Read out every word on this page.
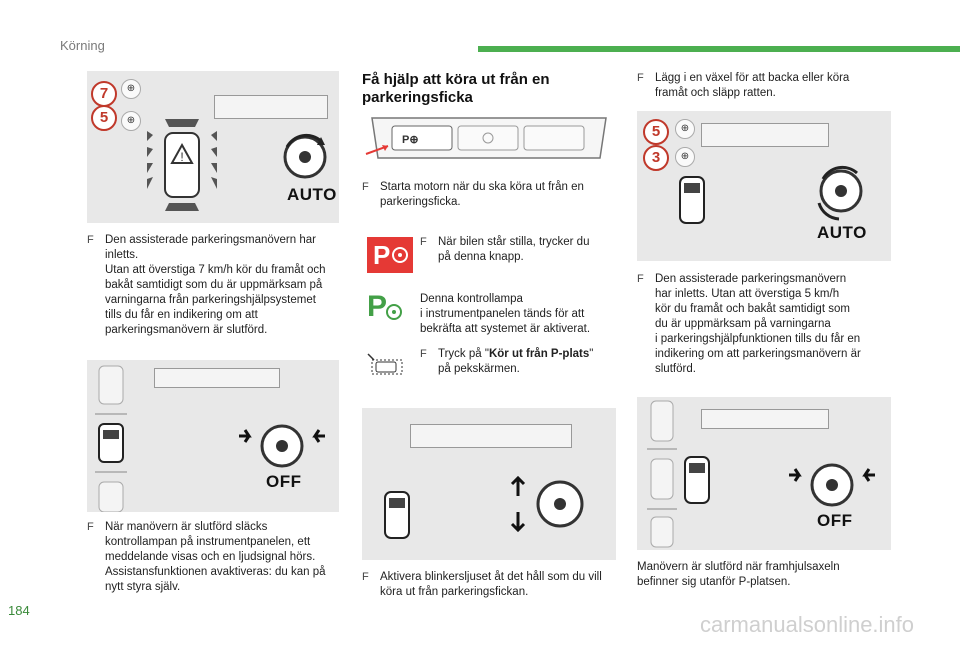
Körning
7	⊕
5	⊕
!
AUTO
F Den assisterade parkeringsmanövern har
inletts.
Utan att överstiga 7 km/h kör du framåt och
bakåt samtidigt som du är uppmärksam på
varningarna från parkeringshjälpsystemet
tills du får en indikering om att
parkeringsmanövern är slutförd.
OFF
F När manövern är slutförd släcks
kontrollampan på instrumentpanelen, ett
meddelande visas och en ljudsignal hörs.
Assistansfunktionen avaktiveras: du kan på
nytt styra själv.
Få hjälp att köra ut från en
parkeringsficka
P⊕
F Starta motorn när du ska köra ut från en
parkeringsficka.
P	F När bilen står stilla, trycker du
på denna knapp.
P	Denna kontrollampa
i instrumentpanelen tänds för att
bekräfta att systemet är aktiverat.
F Tryck på "Kör ut från P-plats"
på pekskärmen.
F Aktivera blinkersljuset åt det håll som du vill
köra ut från parkeringsfickan.
F Lägg i en växel för att backa eller köra
framåt och släpp ratten.
5	⊕
3	⊕
AUTO
F Den assisterade parkeringsmanövern
har inletts. Utan att överstiga 5 km/h
kör du framåt och bakåt samtidigt som
du är uppmärksam på varningarna
i parkeringshjälpfunktionen tills du får en
indikering om att parkeringsmanövern är
slutförd.
OFF
Manövern är slutförd när framhjulsaxeln
befinner sig utanför P-platsen.
184
carmanualsonline.info
